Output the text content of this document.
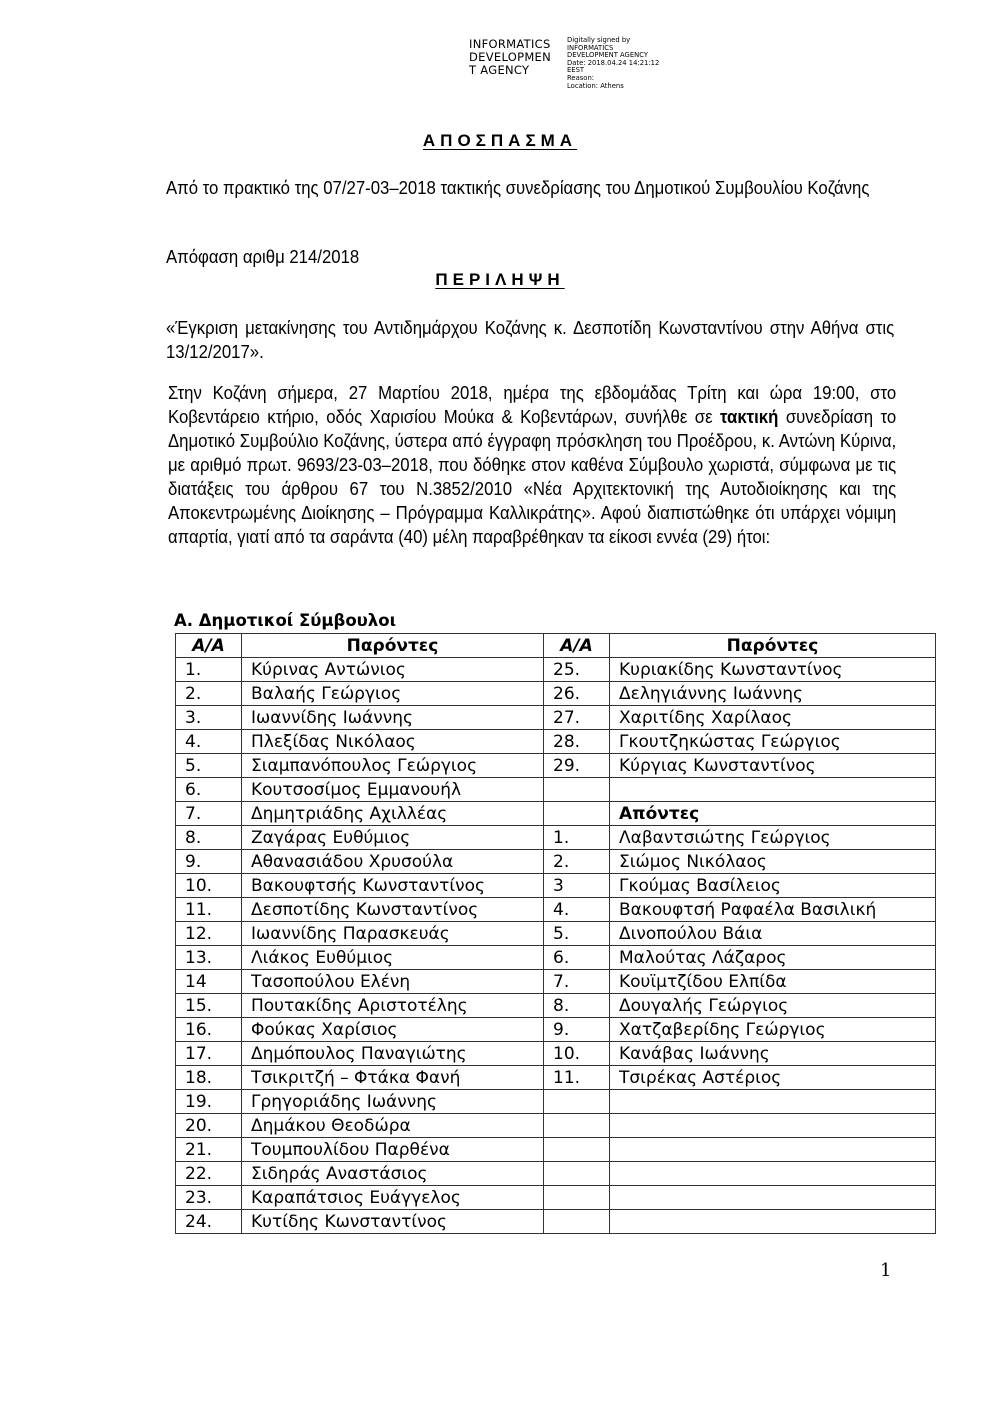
INFORMATICS
DEVELOPMEN
T AGENCY
Digitally signed by
INFORMATICS
DEVELOPMENT AGENCY
Date: 2018.04.24 14:21:12
EEST
Reason:
Location: Athens
ΑΠΟΣΠΑΣΜΑ
Από το πρακτικό της 07/27-03–2018 τακτικής συνεδρίασης του Δημοτικού Συμβουλίου Κοζάνης
Απόφαση αριθμ 214/2018
ΠΕΡΙΛΗΨΗ
«Έγκριση μετακίνησης του Αντιδημάρχου Κοζάνης κ. Δεσποτίδη Κωνσταντίνου στην Αθήνα στις 13/12/2017».
Στην Κοζάνη σήμερα, 27 Μαρτίου 2018, ημέρα της εβδομάδας Τρίτη και ώρα 19:00, στο Κοβεντάρειο κτήριο, οδός Χαρισίου Μούκα & Κοβεντάρων, συνήλθε σε τακτική συνεδρίαση το Δημοτικό Συμβούλιο Κοζάνης, ύστερα από έγγραφη πρόσκληση του Προέδρου, κ. Αντώνη Κύρινα, με αριθμό πρωτ. 9693/23-03–2018, που δόθηκε στον καθένα Σύμβουλο χωριστά, σύμφωνα με τις διατάξεις του άρθρου 67 του Ν.3852/2010 «Νέα Αρχιτεκτονική της Αυτοδιοίκησης και της Αποκεντρωμένης Διοίκησης – Πρόγραμμα Καλλικράτης». Αφού διαπιστώθηκε ότι υπάρχει νόμιμη απαρτία, γιατί από τα σαράντα (40) μέλη παραβρέθηκαν τα είκοσι εννέα (29) ήτοι:
Α. Δημοτικοί Σύμβουλοι
Α/Α	Παρόντες	Α/Α	Παρόντες
1.	Κύρινας Αντώνιος	25.	Κυριακίδης Κωνσταντίνος
2.	Βαλαής Γεώργιος	26.	Δεληγιάννης Ιωάννης
3.	Ιωαννίδης Ιωάννης	27.	Χαριτίδης Χαρίλαος
4.	Πλεξίδας Νικόλαος	28.	Γκουτζηκώστας Γεώργιος
5.	Σιαμπανόπουλος Γεώργιος	29.	Κύργιας Κωνσταντίνος
6.	Κουτσοσίμος Εμμανουήλ		
7.	Δημητριάδης Αχιλλέας		Απόντες
8.	Ζαγάρας Ευθύμιος	1.	Λαβαντσιώτης Γεώργιος
9.	Αθανασιάδου Χρυσούλα	2.	Σιώμος Νικόλαος
10.	Βακουφτσής Κωνσταντίνος	3	Γκούμας Βασίλειος
11.	Δεσποτίδης Κωνσταντίνος	4.	Βακουφτσή Ραφαέλα Βασιλική
12.	Ιωαννίδης Παρασκευάς	5.	Δινοπούλου Βάια
13.	Λιάκος Ευθύμιος	6.	Μαλούτας Λάζαρος
14	Τασοπούλου Ελένη	7.	Κουϊμτζίδου Ελπίδα
15.	Πουτακίδης Αριστοτέλης	8.	Δουγαλής Γεώργιος
16.	Φούκας Χαρίσιος	9.	Χατζαβερίδης Γεώργιος
17.	Δημόπουλος Παναγιώτης	10.	Κανάβας Ιωάννης
18.	Τσικριτζή – Φτάκα Φανή	11.	Τσιρέκας Αστέριος
19.	Γρηγοριάδης Ιωάννης		
20.	Δημάκου Θεοδώρα		
21.	Τουμπουλίδου Παρθένα		
22.	Σιδηράς Αναστάσιος		
23.	Καραπάτσιος Ευάγγελος		
24.	Κυτίδης Κωνσταντίνος		
1
